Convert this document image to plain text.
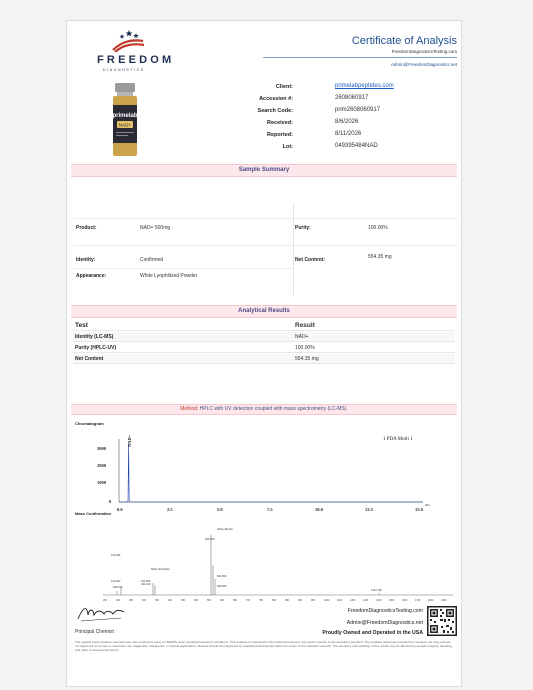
FREEDOM
DIAGNOSTICS
Certificate of Analysis
FreedomDiagnosticsTesting.com
Admin@FreedomDiagnostics.net
primelab
NAD+
Client:	primelabpeptides.com
Accession #:	2608060917
Search Code:	prim2608060917
Received:	8/6/2026
Reported:	8/11/2026
Lot:	049395484NAD
Sample Summary
Product:	NAD+ 500mg	Purity:	100.00%
Identity:	Confirmed	Net Content:	554.35 mg
Appearance:	White Lyophilized Powder
Analytical Results
Test	Result
Identity (LC-MS)	NAD+
Purity (HPLC-UV)	100.00%
Net Content	554.35 mg
Method: HPLC with UV detection coupled with mass spectrometry (LC-MS).
Chromatogram
1 PDA Multi 1
3000
2000
1000
0
0.0	2.5	5.0	7.5	10.0	12.5	15.0
min
NAD+
Mass Confirmation
NAD+ [M+H]+
664.000
NAD+ [M+2H]2+
122,299
122,000	332.000
331.400
180.100
664.500
665.400
1327.700
150	200	250	300	350	400	450	500	550	600	650	700	750	800	850	900	950	1000	1100	1200	1300	1400	1500	1600	1700	1800	1900
Principal Chemist
FreedomDiagnosticsTesting.com
Admin@FreedomDiagnostics.net
Proudly Owned and Operated in the USA
The peptide purity analysis reported here was conducted using LC-MS/MS under standard laboratory conditions. This analysis is intended for informational purposes only and is specific to the sample(s) provided. The peptides tested are intended for research use only and are not approved for human or veterinary use, diagnostic, therapeutic, or clinical applications. Results should be interpreted by qualified professionals within the scope of the intended research. The accuracy and reliability of the results may be affected by sample integrity, handling, and other environmental factors.
